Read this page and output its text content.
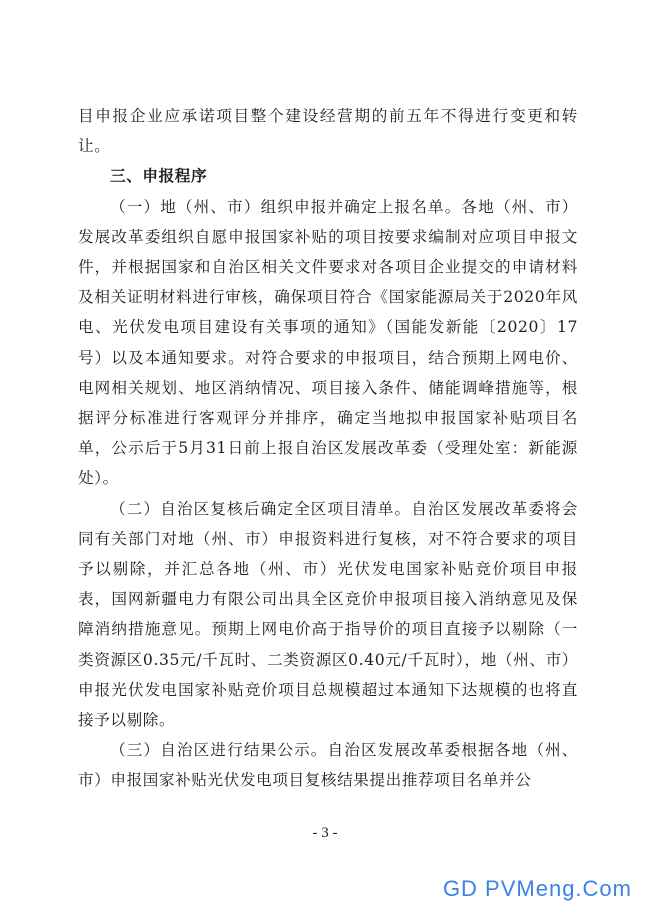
目申报企业应承诺项目整个建设经营期的前五年不得进行变更和转让。

三、申报程序

（一）地（州、市）组织申报并确定上报名单。各地（州、市）发展改革委组织自愿申报国家补贴的项目按要求编制对应项目申报文件，并根据国家和自治区相关文件要求对各项目企业提交的申请材料及相关证明材料进行审核，确保项目符合《国家能源局关于2020年风电、光伏发电项目建设有关事项的通知》（国能发新能〔2020〕17号）以及本通知要求。对符合要求的申报项目，结合预期上网电价、电网相关规划、地区消纳情况、项目接入条件、储能调峰措施等，根据评分标准进行客观评分并排序，确定当地拟申报国家补贴项目名单，公示后于5月31日前上报自治区发展改革委（受理处室：新能源处）。

（二）自治区复核后确定全区项目清单。自治区发展改革委将会同有关部门对地（州、市）申报资料进行复核，对不符合要求的项目予以剔除，并汇总各地（州、市）光伏发电国家补贴竞价项目申报表，国网新疆电力有限公司出具全区竞价申报项目接入消纳意见及保障消纳措施意见。预期上网电价高于指导价的项目直接予以剔除（一类资源区0.35元/千瓦时、二类资源区0.40元/千瓦时），地（州、市）申报光伏发电国家补贴竞价项目总规模超过本通知下达规模的也将直接予以剔除。

（三）自治区进行结果公示。自治区发展改革委根据各地（州、市）申报国家补贴光伏发电项目复核结果提出推荐项目名单并公

- 3 -
GD PVMeng.Com
